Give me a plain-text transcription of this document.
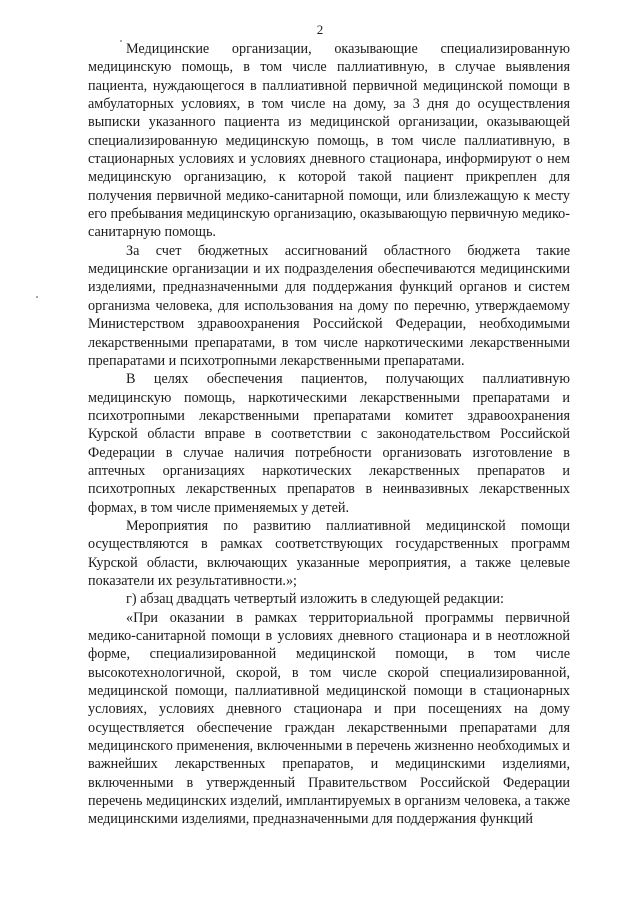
2

Медицинские организации, оказывающие специализированную медицинскую помощь, в том числе паллиативную, в случае выявления пациента, нуждающегося в паллиативной первичной медицинской помощи в амбулаторных условиях, в том числе на дому, за 3 дня до осуществления выписки указанного пациента из медицинской организации, оказывающей специализированную медицинскую помощь, в том числе паллиативную, в стационарных условиях и условиях дневного стационара, информируют о нем медицинскую организацию, к которой такой пациент прикреплен для получения первичной медико-санитарной помощи, или близлежащую к месту его пребывания медицинскую организацию, оказывающую первичную медико-санитарную помощь.

За счет бюджетных ассигнований областного бюджета такие медицинские организации и их подразделения обеспечиваются медицинскими изделиями, предназначенными для поддержания функций органов и систем организма человека, для использования на дому по перечню, утверждаемому Министерством здравоохранения Российской Федерации, необходимыми лекарственными препаратами, в том числе наркотическими лекарственными препаратами и психотропными лекарственными препаратами.

В целях обеспечения пациентов, получающих паллиативную медицинскую помощь, наркотическими лекарственными препаратами и психотропными лекарственными препаратами комитет здравоохранения Курской области вправе в соответствии с законодательством Российской Федерации в случае наличия потребности организовать изготовление в аптечных организациях наркотических лекарственных препаратов и психотропных лекарственных препаратов в неинвазивных лекарственных формах, в том числе применяемых у детей.

Мероприятия по развитию паллиативной медицинской помощи осуществляются в рамках соответствующих государственных программ Курской области, включающих указанные мероприятия, а также целевые показатели их результативности.»;

г) абзац двадцать четвертый изложить в следующей редакции:

«При оказании в рамках территориальной программы первичной медико-санитарной помощи в условиях дневного стационара и в неотложной форме, специализированной медицинской помощи, в том числе высокотехнологичной, скорой, в том числе скорой специализированной, медицинской помощи, паллиативной медицинской помощи в стационарных условиях, условиях дневного стационара и при посещениях на дому осуществляется обеспечение граждан лекарственными препаратами для медицинского применения, включенными в перечень жизненно необходимых и важнейших лекарственных препаратов, и медицинскими изделиями, включенными в утвержденный Правительством Российской Федерации перечень медицинских изделий, имплантируемых в организм человека, а также медицинскими изделиями, предназначенными для поддержания функций
